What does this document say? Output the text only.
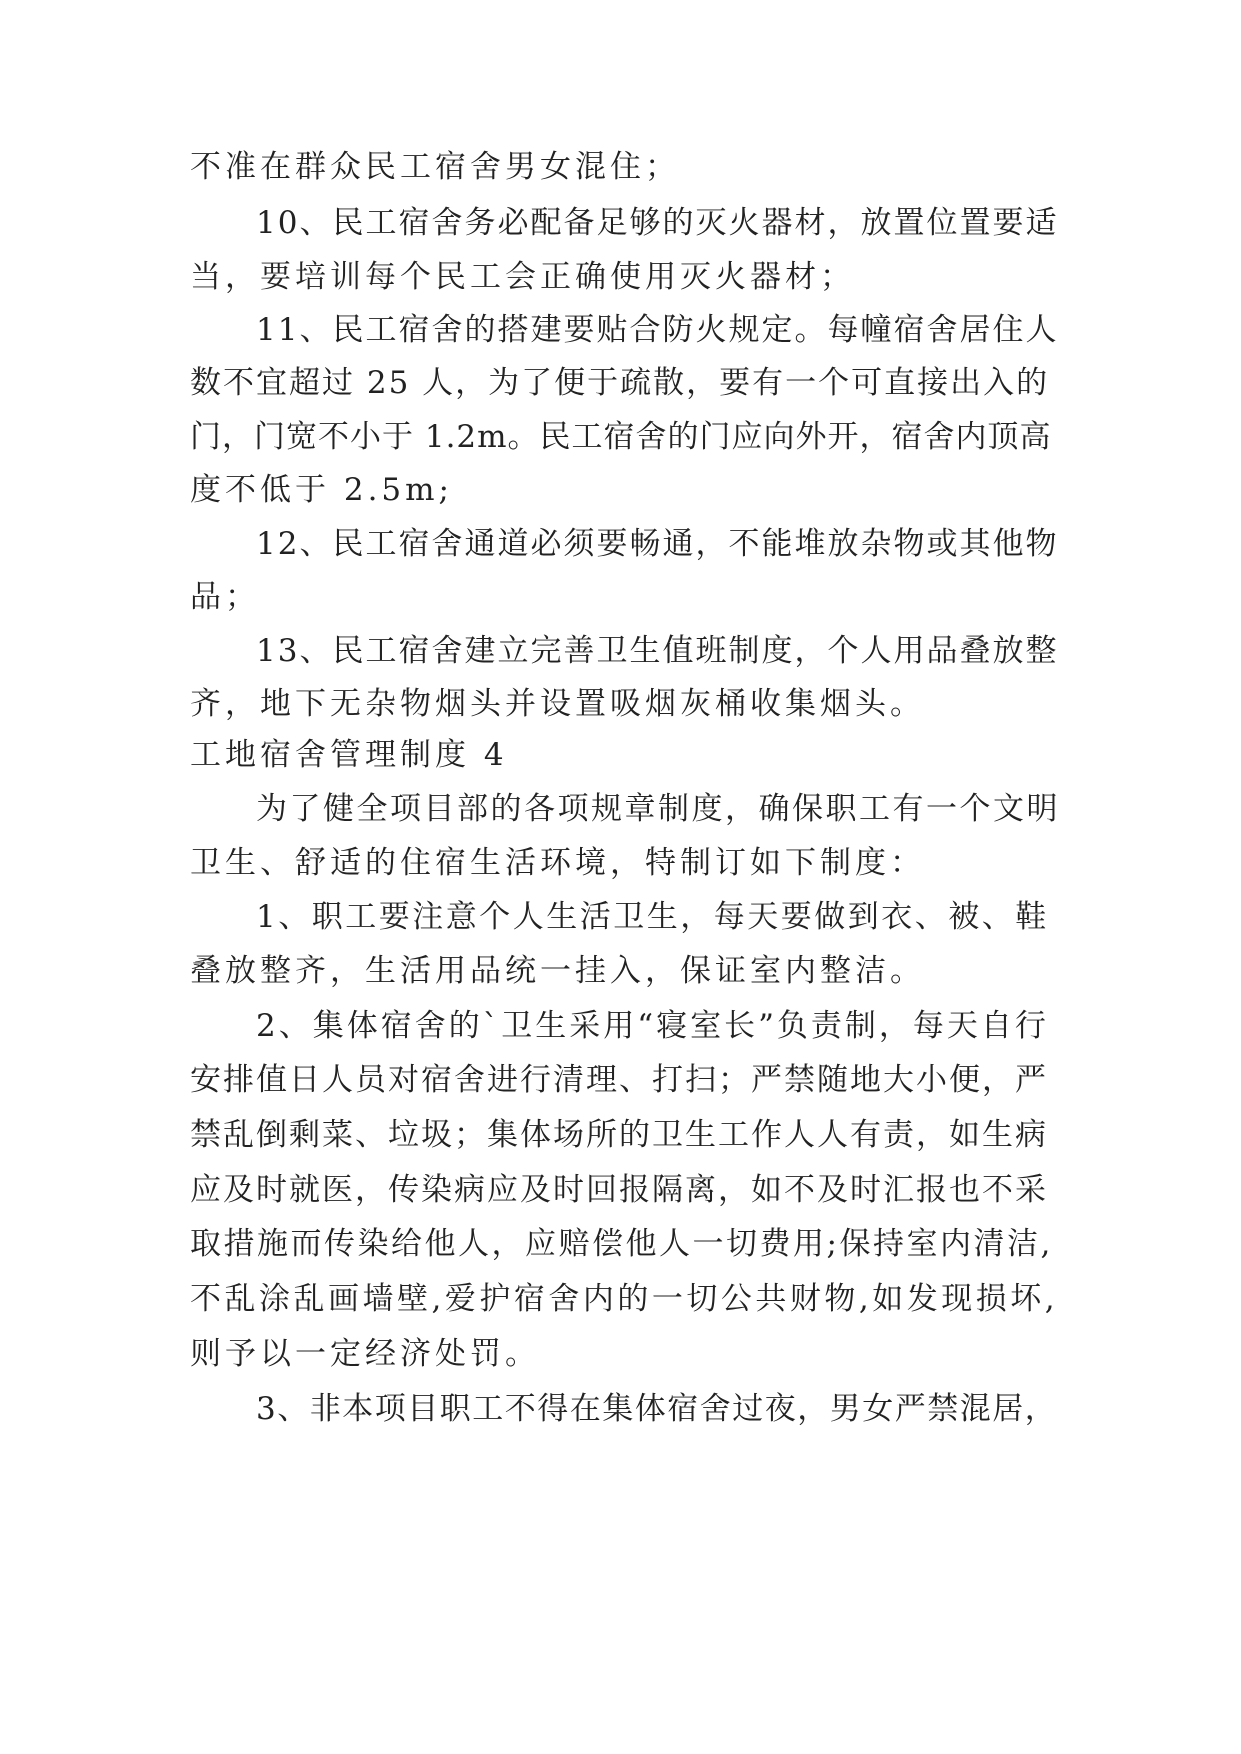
不准在群众民工宿舍男女混住；
10、民工宿舍务必配备足够的灭火器材，放置位置要适
当，要培训每个民工会正确使用灭火器材；
11、民工宿舍的搭建要贴合防火规定。每幢宿舍居住人
数不宜超过 25 人，为了便于疏散，要有一个可直接出入的
门，门宽不小于 1.2m。民工宿舍的门应向外开，宿舍内顶高
度不低于 2.5m;
12、民工宿舍通道必须要畅通，不能堆放杂物或其他物
品；
13、民工宿舍建立完善卫生值班制度，个人用品叠放整
齐，地下无杂物烟头并设置吸烟灰桶收集烟头。
工地宿舍管理制度 4
为了健全项目部的各项规章制度，确保职工有一个文明
卫生、舒适的住宿生活环境，特制订如下制度：
1、职工要注意个人生活卫生，每天要做到衣、被、鞋
叠放整齐，生活用品统一挂入，保证室内整洁。
2、集体宿舍的`卫生采用“寝室长”负责制，每天自行
安排值日人员对宿舍进行清理、打扫；严禁随地大小便，严
禁乱倒剩菜、垃圾；集体场所的卫生工作人人有责，如生病
应及时就医，传染病应及时回报隔离，如不及时汇报也不采
取措施而传染给他人，应赔偿他人一切费用;保持室内清洁,
不乱涂乱画墙壁,爱护宿舍内的一切公共财物,如发现损坏,
则予以一定经济处罚。
3、非本项目职工不得在集体宿舍过夜，男女严禁混居，
